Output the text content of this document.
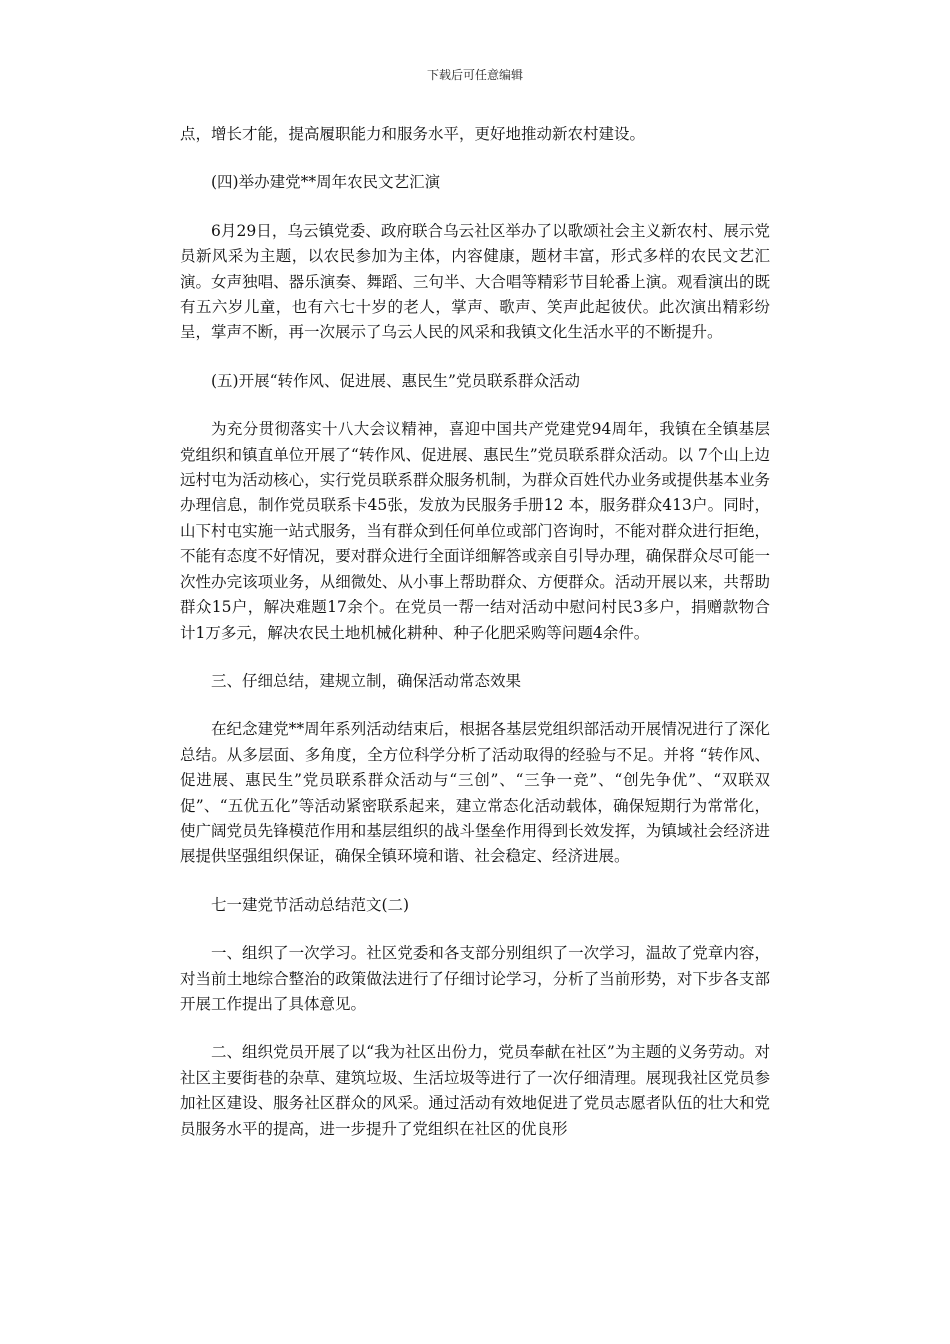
下载后可任意编辑

点，增长才能，提高履职能力和服务水平，更好地推动新农村建设。

(四)举办建党**周年农民文艺汇演

6月29日，乌云镇党委、政府联合乌云社区举办了以歌颂社会主义新农村、展示党员新风采为主题，以农民参加为主体，内容健康，题材丰富，形式多样的农民文艺汇演。女声独唱、器乐演奏、舞蹈、三句半、大合唱等精彩节目轮番上演。观看演出的既有五六岁儿童，也有六七十岁的老人，掌声、歌声、笑声此起彼伏。此次演出精彩纷呈，掌声不断，再一次展示了乌云人民的风采和我镇文化生活水平的不断提升。

(五)开展“转作风、促进展、惠民生”党员联系群众活动

为充分贯彻落实十八大会议精神，喜迎中国共产党建党94周年，我镇在全镇基层党组织和镇直单位开展了“转作风、促进展、惠民生”党员联系群众活动。以 7个山上边远村屯为活动核心，实行党员联系群众服务机制，为群众百姓代办业务或提供基本业务办理信息，制作党员联系卡45张，发放为民服务手册12 本，服务群众413户。同时，山下村屯实施一站式服务，当有群众到任何单位或部门咨询时，不能对群众进行拒绝，不能有态度不好情况，要对群众进行全面详细解答或亲自引导办理，确保群众尽可能一次性办完该项业务，从细微处、从小事上帮助群众、方便群众。活动开展以来，共帮助群众15户，解决难题17余个。在党员一帮一结对活动中慰问村民3多户，捐赠款物合计1万多元，解决农民土地机械化耕种、种子化肥采购等问题4余件。

三、仔细总结，建规立制，确保活动常态效果

在纪念建党**周年系列活动结束后，根据各基层党组织部活动开展情况进行了深化总结。从多层面、多角度，全方位科学分析了活动取得的经验与不足。并将 “转作风、促进展、惠民生”党员联系群众活动与“三创”、“三争一竞”、“创先争优”、“双联双促”、“五优五化”等活动紧密联系起来，建立常态化活动载体，确保短期行为常常化，使广阔党员先锋模范作用和基层组织的战斗堡垒作用得到长效发挥，为镇域社会经济进展提供坚强组织保证，确保全镇环境和谐、社会稳定、经济进展。

七一建党节活动总结范文(二)

一、组织了一次学习。社区党委和各支部分别组织了一次学习，温故了党章内容，对当前土地综合整治的政策做法进行了仔细讨论学习，分析了当前形势，对下步各支部开展工作提出了具体意见。

二、组织党员开展了以“我为社区出份力，党员奉献在社区”为主题的义务劳动。对社区主要街巷的杂草、建筑垃圾、生活垃圾等进行了一次仔细清理。展现我社区党员参加社区建设、服务社区群众的风采。通过活动有效地促进了党员志愿者队伍的壮大和党员服务水平的提高，进一步提升了党组织在社区的优良形
